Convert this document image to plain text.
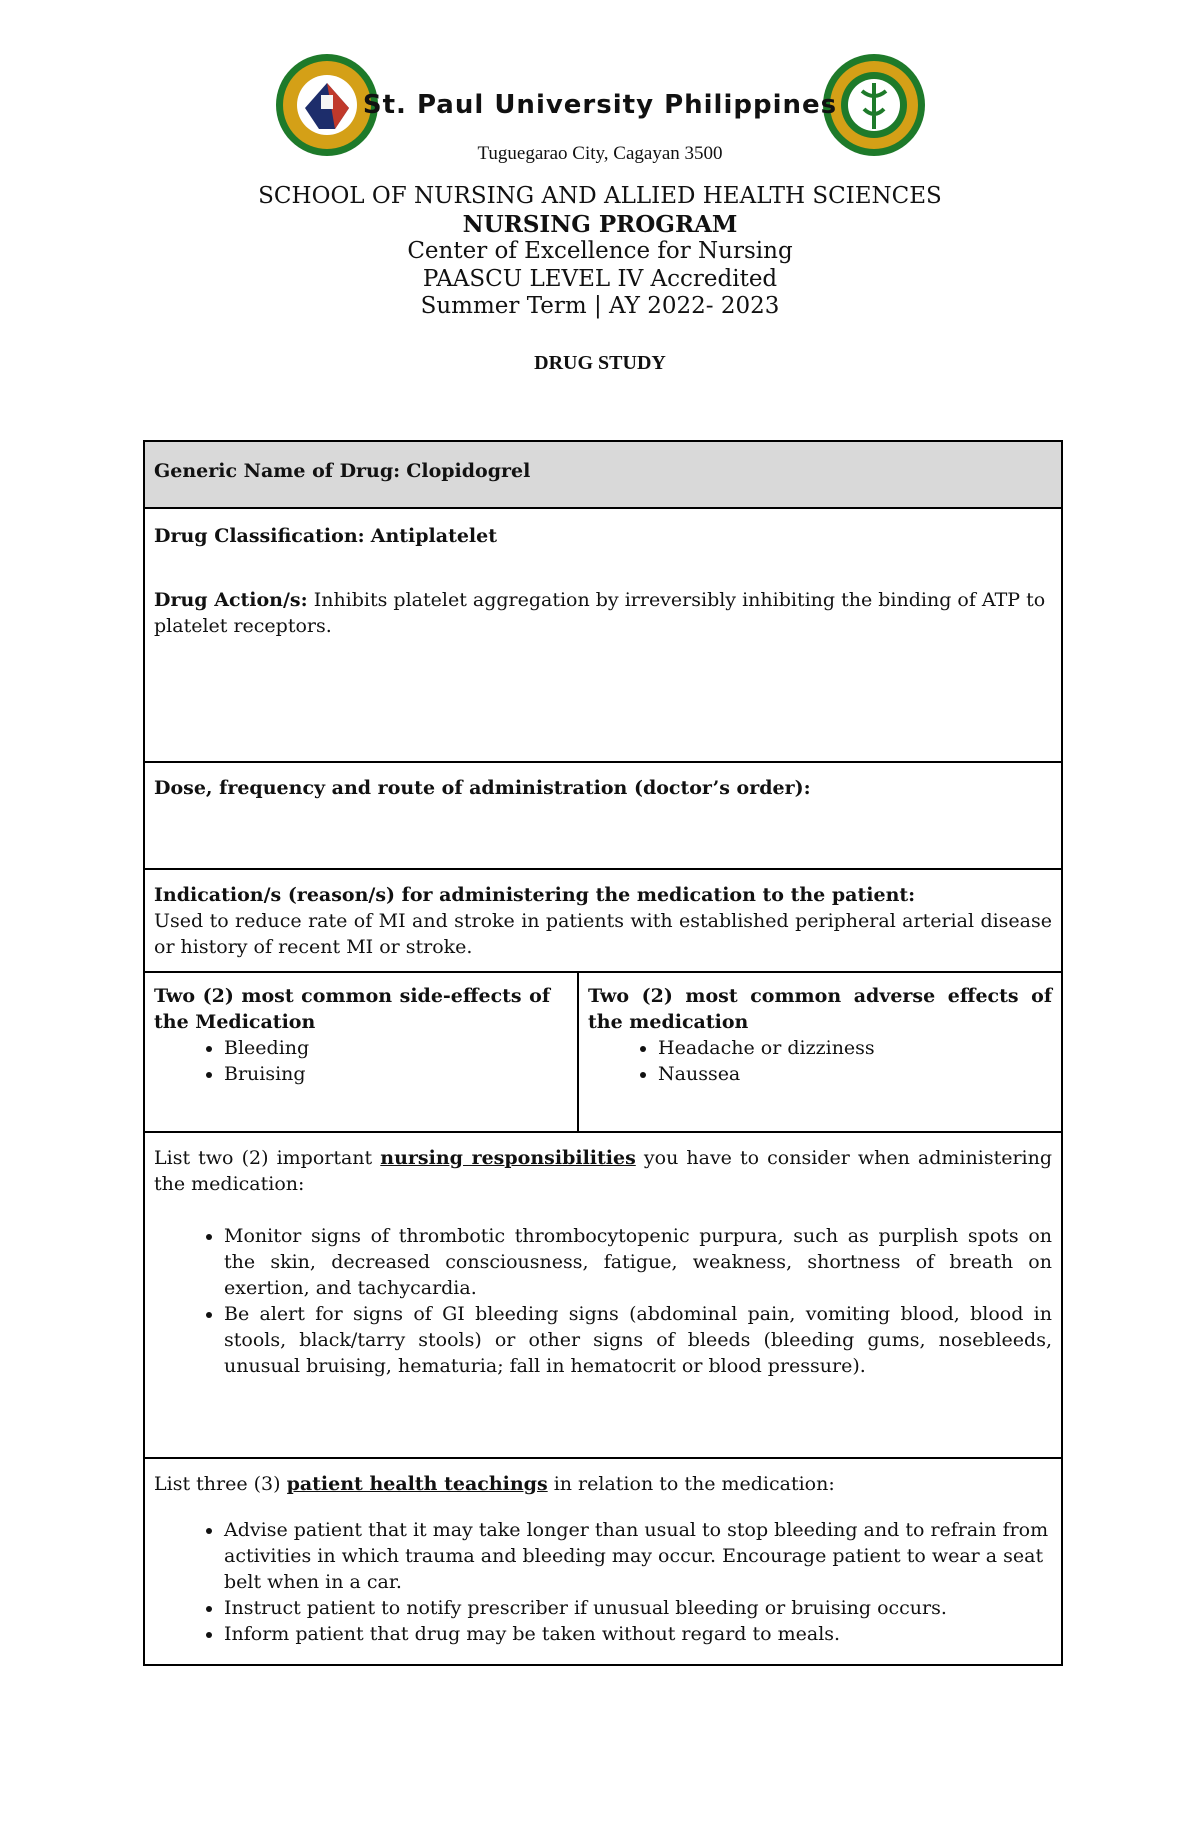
St. Paul University Philippines
Tuguegarao City, Cagayan 3500
SCHOOL OF NURSING AND ALLIED HEALTH SCIENCES
NURSING PROGRAM
Center of Excellence for Nursing
PAASCU LEVEL IV Accredited
Summer Term | AY 2022- 2023
DRUG STUDY
Generic Name of Drug: Clopidogrel
Drug Classification: Antiplatelet
Drug Action/s: Inhibits platelet aggregation by irreversibly inhibiting the binding of ATP to platelet receptors.
Dose, frequency and route of administration (doctor’s order):
Indication/s (reason/s) for administering the medication to the patient:
Used to reduce rate of MI and stroke in patients with established peripheral arterial disease or history of recent MI or stroke.
Two (2) most common side-effects of the Medication
• Bleeding
• Bruising
Two (2) most common adverse effects of the medication
• Headache or dizziness
• Naussea
List two (2) important nursing responsibilities you have to consider when administering the medication:
• Monitor signs of thrombotic thrombocytopenic purpura, such as purplish spots on the skin, decreased consciousness, fatigue, weakness, shortness of breath on exertion, and tachycardia.
• Be alert for signs of GI bleeding signs (abdominal pain, vomiting blood, blood in stools, black/tarry stools) or other signs of bleeds (bleeding gums, nosebleeds, unusual bruising, hematuria; fall in hematocrit or blood pressure).
List three (3) patient health teachings in relation to the medication:
• Advise patient that it may take longer than usual to stop bleeding and to refrain from activities in which trauma and bleeding may occur. Encourage patient to wear a seat belt when in a car.
• Instruct patient to notify prescriber if unusual bleeding or bruising occurs.
• Inform patient that drug may be taken without regard to meals.
